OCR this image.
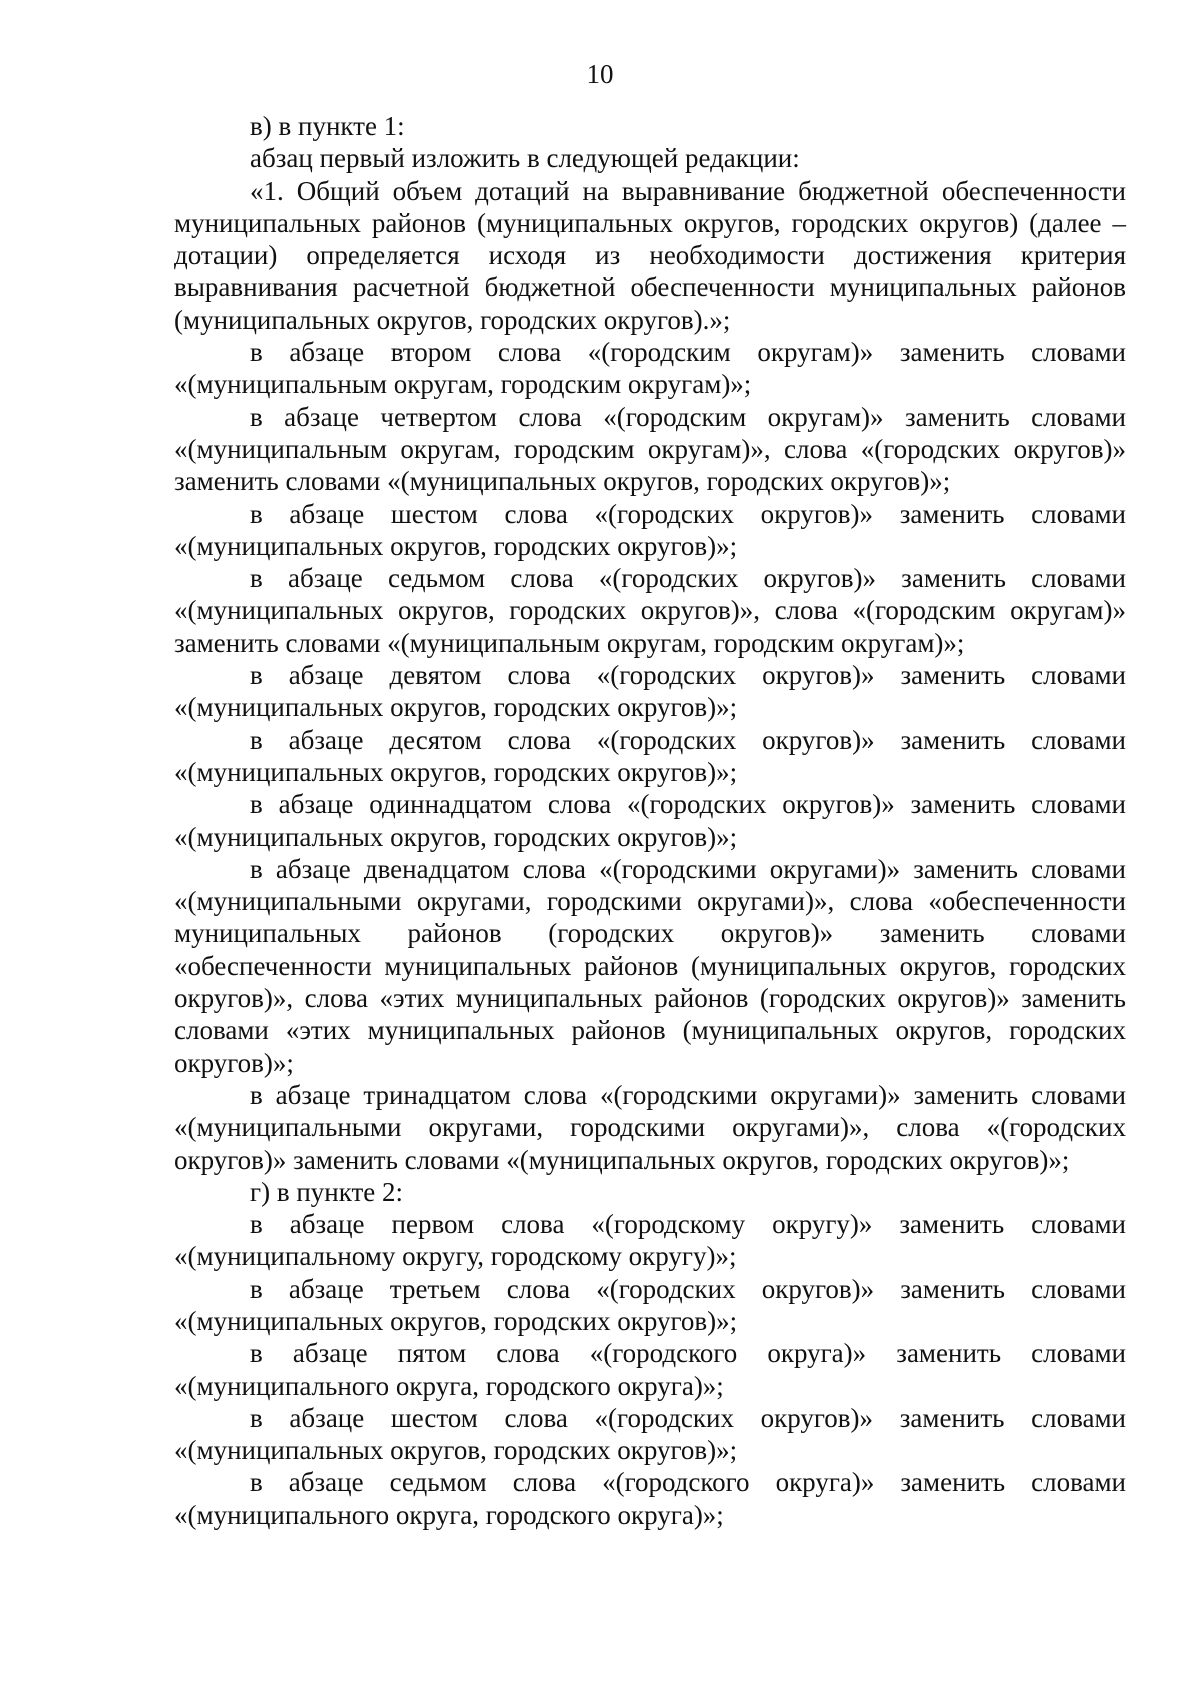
10

в) в пункте 1:

абзац первый изложить в следующей редакции:

«1. Общий объем дотаций на выравнивание бюджетной обеспеченности муниципальных районов (муниципальных округов, городских округов) (далее – дотации) определяется исходя из необходимости достижения критерия выравнивания расчетной бюджетной обеспеченности муниципальных районов (муниципальных округов, городских округов).»;

в абзаце втором слова «(городским округам)» заменить словами «(муниципальным округам, городским округам)»;

в абзаце четвертом слова «(городским округам)» заменить словами «(муниципальным округам, городским округам)», слова «(городских округов)» заменить словами «(муниципальных округов, городских округов)»;

в абзаце шестом слова «(городских округов)» заменить словами «(муниципальных округов, городских округов)»;

в абзаце седьмом слова «(городских округов)» заменить словами «(муниципальных округов, городских округов)», слова «(городским округам)» заменить словами «(муниципальным округам, городским округам)»;

в абзаце девятом слова «(городских округов)» заменить словами «(муниципальных округов, городских округов)»;

в абзаце десятом слова «(городских округов)» заменить словами «(муниципальных округов, городских округов)»;

в абзаце одиннадцатом слова «(городских округов)» заменить словами «(муниципальных округов, городских округов)»;

в абзаце двенадцатом слова «(городскими округами)» заменить словами «(муниципальными округами, городскими округами)», слова «обеспеченности муниципальных районов (городских округов)» заменить словами «обеспеченности муниципальных районов (муниципальных округов, городских округов)», слова «этих муниципальных районов (городских округов)» заменить словами «этих муниципальных районов (муниципальных округов, городских округов)»;

в абзаце тринадцатом слова «(городскими округами)» заменить словами «(муниципальными округами, городскими округами)», слова «(городских округов)» заменить словами «(муниципальных округов, городских округов)»;

г) в пункте 2:

в абзаце первом слова «(городскому округу)» заменить словами «(муниципальному округу, городскому округу)»;

в абзаце третьем слова «(городских округов)» заменить словами «(муниципальных округов, городских округов)»;

в абзаце пятом слова «(городского округа)» заменить словами «(муниципального округа, городского округа)»;

в абзаце шестом слова «(городских округов)» заменить словами «(муниципальных округов, городских округов)»;

в абзаце седьмом слова «(городского округа)» заменить словами «(муниципального округа, городского округа)»;
